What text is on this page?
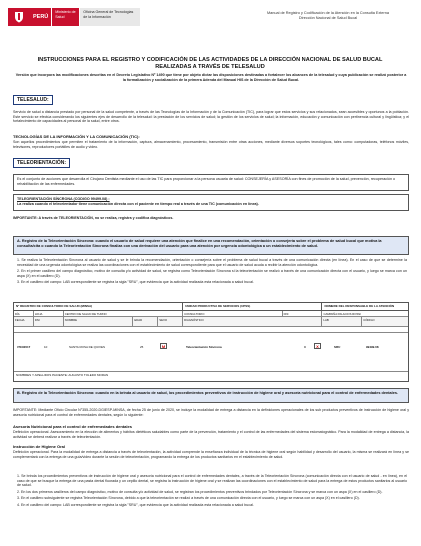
PERÚ
Ministerio de Salud
Oficina General de Tecnologías de la Información
Manual de Registro y Codificación de la Atención en la Consulta Externa
Dirección Nacional de Salud Bucal
INSTRUCCIONES PARA EL REGISTRO Y CODIFICACIÓN DE LAS ACTIVIDADES DE LA DIRECCIÓN NACIONAL DE SALUD BUCAL REALIZADAS A TRAVÉS DE TELESALUD
Versión que incorpora las modificaciones descritas en el Decreto Legislativo Nº 1490 que tiene por objeto dictar las disposiciones destinadas a fortalecer los alcances de la telesalud y cuya publicación se realizó posterior a la formalización y socialización de la primera Adenda del Manual HIS de la Dirección de Salud Bucal.
TELESALUD:
Servicio de salud a distancia prestado por personal de la salud competente, a través de las Tecnologías de la Información y de la Comunicación (TIC), para lograr que estos servicios y sus relacionados, sean accesibles y oportunos a la población. Este servicio se efectúa considerando los siguientes ejes de desarrollo de la telesalud: la prestación de los servicios de salud; la gestión de los servicios de salud; la información, educación y comunicación con pertinencia cultural y lingüística; y el fortalecimiento de capacidades al personal de la salud, entre otros.
TECNOLOGÍAS DE LA INFORMACIÓN Y LA COMUNICACIÓN (TIC):
Son aquellos procedimientos que permiten el tratamiento de la información, captura, almacenamiento, procesamiento, transmisión entre otras acciones, mediante diversos soportes tecnológicos, tales como: computadoras, teléfonos móviles, televisores, reproductores portátiles de audio y video.
TELEORIENTACIÓN:
Es el conjunto de acciones que desarrolla el Cirujano Dentista mediante el uso de las TIC para proporcionar a la persona usuaria de salud: CONSEJERÍA y ASESORÍA con fines de promoción de la salud, prevención, recuperación o rehabilitación de las enfermedades.
TELEORIENTACIÓN SÍNCRONA (CODIGO 99499.08) :
La realiza cuando el teleorientador tiene comunicación directa con el paciente en tiempo real a través de una TIC (comunicación en línea).
IMPORTANTE: A través de TELEORIENTACIÓN, no se realiza, registra y codifica diagnósticos.
A. Registro de la Teleorientación Síncrona: cuando el usuario de salud requiere una atención que finalice en una recomendación, orientación o consejería sobre el problema de salud bucal que motiva la consulta/cita o cuando la Teleorientación Síncrona finaliza con una derivación del usuario para una atención por urgencia odontológica a un establecimiento de salud.
1. Se realiza la Teleorientación Síncrona al usuario de salud y se le brinda la recomendación, orientación o consejería sobre el problema de salud bucal a través de una comunicación directa (en línea). En el caso de que se determine la necesidad de una urgencia odontológica se realiza las coordinaciones con el establecimiento de salud correspondiente para que el usuario de salud acuda a recibir la atención odontológica.
2. En el primer casillero del campo diagnóstico, motivo de consulta y/o actividad de salud, se registra como Teleorientación Síncrona si la teleorientación se realizó a través de una comunicación directa con el usuario, y luego se marca con un aspa (X) en el casillero (D).
3. En el casillero del campo: LAB correspondiente se registra la sigla "SRU", que evidencia que la actividad realizada esta relacionada a salud bucal.
Nº REGISTRO DE CONSULTORIO DE SALUD (MINSA)	UNIDAD PRODUCTIVA DE SERVICIOS (UPSS)	NOMBRE DEL RESPONSABLE DE LA ATENCIÓN
DÍA	HOJA	CENTRO DE SALUD DE TURNO	CONSULTORIO	DNI	CAMPAÑA PALACIOS ROSSI
FECHA	DNI	NOMBRE	EDAD	SEXO	DIAGNÓSTICO	LAB	CÓDIGO
7/03/2017	10	SANTA ROSA DE QUIVES	25	M	Teleorientación Síncrona	D	X	SRU	99499.08
NOMBRES Y APELLIDOS PACIENTE: AUGUSTO TOLEDO MORAN
B. Registro de la Teleorientación Síncrona: cuando en la brinda al usuario de salud, los procedimientos preventivos de instrucción de higiene oral y asesoría nutricional para el control de enfermedades dentales.
IMPORTANTE: Mediante Oficio Circular N°355-2020-DGIESP-MINSA, de fecha 25 de junio de 2020, se incluye la modalidad de entrega a distancia en la definiciones operacionales de los sub productos preventivos de instrucción de higiene oral y asesoría nutricional para el control de enfermedades dentales, según lo siguiente:
Asesoría Nutricional para el control de enfermedades dentales
Definición operacional. Asesoramiento en la elección de alimentos y hábitos dietéticos saludables como parte de la prevención, tratamiento y el control de las enfermedades del sistema estomatognático. Para la modalidad de entrega a distancia, la actividad se deberá realizar a través de teleorientación.
Instrucción de Higiene Oral
Definición operacional. Para la modalidad de entrega a distancia a través de teleorientación, la actividad comprende la enseñanza individual de la técnica de higiene oral según habilidad y desarrollo del usuario, la misma se realizará en línea y se complementará con la entrega de una guía/video durante la sesión de teleorientación, programando la entrega de los productos sanitarios en el establecimiento de salud.
1. Se brinda los procedimientos preventivos de instrucción de higiene oral y asesoría nutricional para el control de enfermedades dentales, a través de la Teleorientación Síncrona (comunicación directa con el usuario de salud - en línea), en el caso de que se busque la entrega de una pasta dental fluorada y un cepillo dental, se registra la instrucción de higiene oral y se realizan las coordinaciones con el establecimiento de salud para la entrega de estos productos sanitarios al usuario de salud.
2. En los dos primeros casilleros del campo diagnóstico, motivo de consulta y/o actividad de salud, se registran los procedimientos preventivos brindados por Teleorientación Síncrona y se marca con un aspa (X) en el casillero (D).
3. En el casillero subsiguiente se registra Teleorientación Síncrona, debido a que la teleorientación se realizó a través de una comunicación directa con el usuario, y luego se marca con un aspa (X) en el casillero (D).
4. En el casillero del campo: LAB correspondiente se registra la sigla "SRU", que evidencia que la actividad realizada esta relacionada a salud bucal.
